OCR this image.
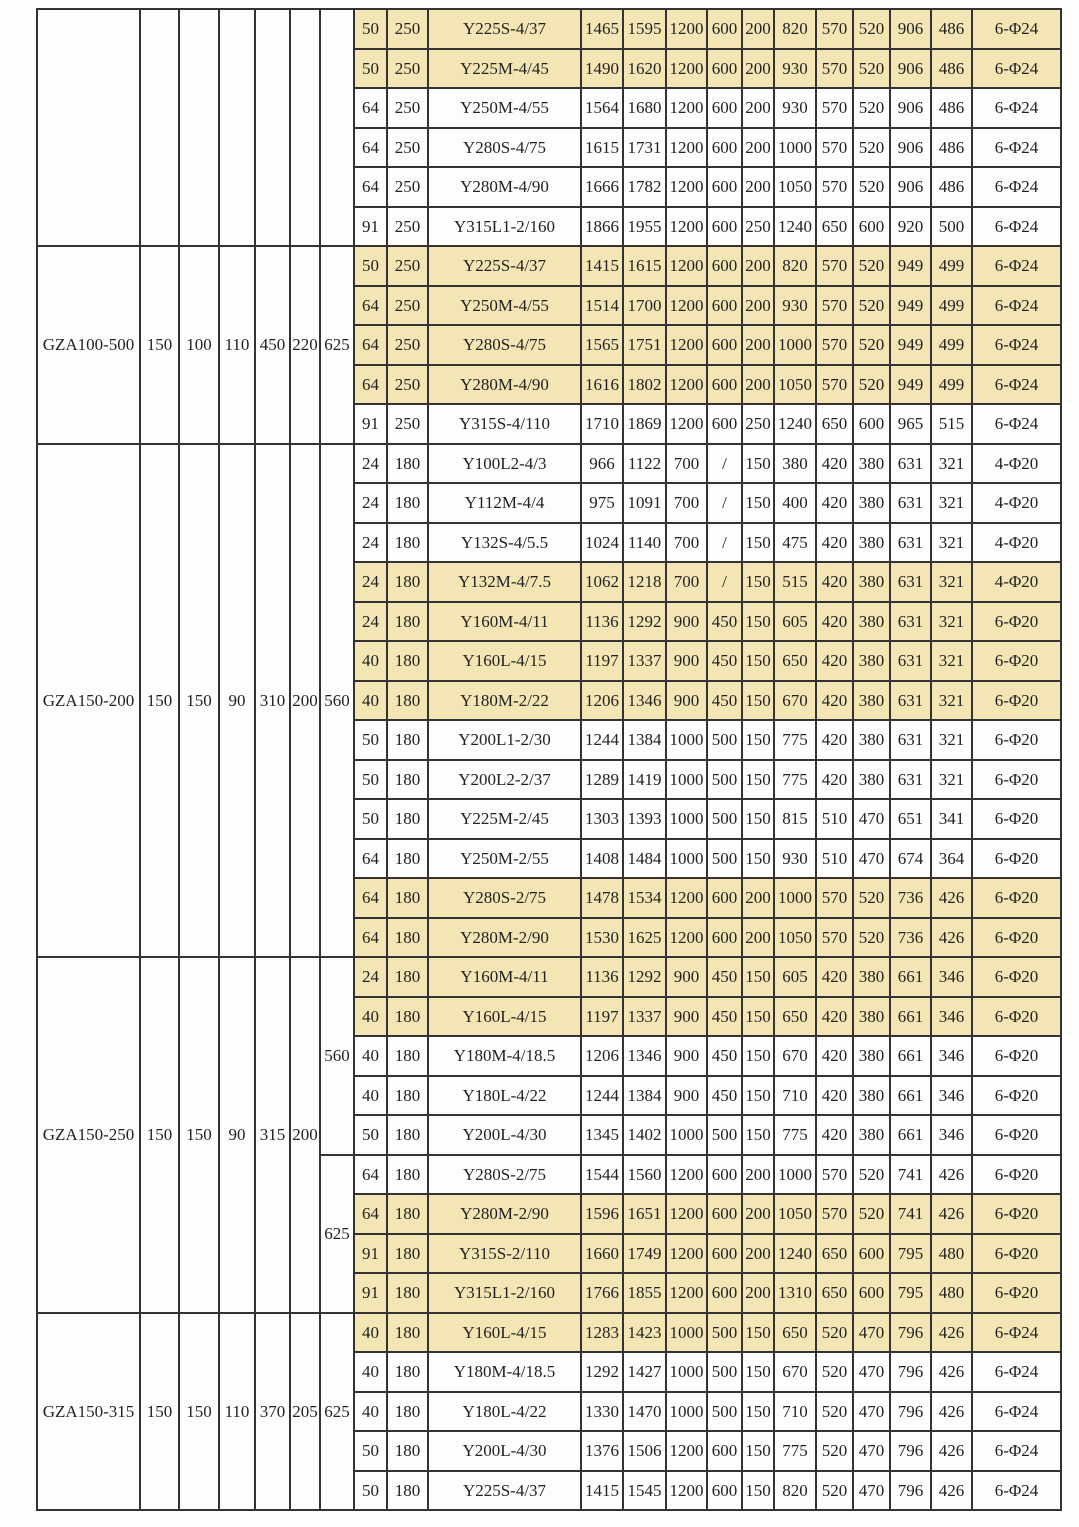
							50	250	Y225S-4/37	1465	1595	1200	600	200	820	570	520	906	486	6-Φ24
							50	250	Y225M-4/45	1490	1620	1200	600	200	930	570	520	906	486	6-Φ24
							64	250	Y250M-4/55	1564	1680	1200	600	200	930	570	520	906	486	6-Φ24
							64	250	Y280S-4/75	1615	1731	1200	600	200	1000	570	520	906	486	6-Φ24
							64	250	Y280M-4/90	1666	1782	1200	600	200	1050	570	520	906	486	6-Φ24
							91	250	Y315L1-2/160	1866	1955	1200	600	250	1240	650	600	920	500	6-Φ24
GZA100-500	150	100	110	450	220	625	50	250	Y225S-4/37	1415	1615	1200	600	200	820	570	520	949	499	6-Φ24
							64	250	Y250M-4/55	1514	1700	1200	600	200	930	570	520	949	499	6-Φ24
							64	250	Y280S-4/75	1565	1751	1200	600	200	1000	570	520	949	499	6-Φ24
							64	250	Y280M-4/90	1616	1802	1200	600	200	1050	570	520	949	499	6-Φ24
							91	250	Y315S-4/110	1710	1869	1200	600	250	1240	650	600	965	515	6-Φ24
GZA150-200	150	150	90	310	200	560	24	180	Y100L2-4/3	966	1122	700	/	150	380	420	380	631	321	4-Φ20
							24	180	Y112M-4/4	975	1091	700	/	150	400	420	380	631	321	4-Φ20
							24	180	Y132S-4/5.5	1024	1140	700	/	150	475	420	380	631	321	4-Φ20
							24	180	Y132M-4/7.5	1062	1218	700	/	150	515	420	380	631	321	4-Φ20
							24	180	Y160M-4/11	1136	1292	900	450	150	605	420	380	631	321	6-Φ20
							40	180	Y160L-4/15	1197	1337	900	450	150	650	420	380	631	321	6-Φ20
							40	180	Y180M-2/22	1206	1346	900	450	150	670	420	380	631	321	6-Φ20
							50	180	Y200L1-2/30	1244	1384	1000	500	150	775	420	380	631	321	6-Φ20
							50	180	Y200L2-2/37	1289	1419	1000	500	150	775	420	380	631	321	6-Φ20
							50	180	Y225M-2/45	1303	1393	1000	500	150	815	510	470	651	341	6-Φ20
							64	180	Y250M-2/55	1408	1484	1000	500	150	930	510	470	674	364	6-Φ20
							64	180	Y280S-2/75	1478	1534	1200	600	200	1000	570	520	736	426	6-Φ20
							64	180	Y280M-2/90	1530	1625	1200	600	200	1050	570	520	736	426	6-Φ20
GZA150-250	150	150	90	315	200	560	24	180	Y160M-4/11	1136	1292	900	450	150	605	420	380	661	346	6-Φ20
							40	180	Y160L-4/15	1197	1337	900	450	150	650	420	380	661	346	6-Φ20
							40	180	Y180M-4/18.5	1206	1346	900	450	150	670	420	380	661	346	6-Φ20
							40	180	Y180L-4/22	1244	1384	900	450	150	710	420	380	661	346	6-Φ20
							50	180	Y200L-4/30	1345	1402	1000	500	150	775	420	380	661	346	6-Φ20
						625	64	180	Y280S-2/75	1544	1560	1200	600	200	1000	570	520	741	426	6-Φ20
							64	180	Y280M-2/90	1596	1651	1200	600	200	1050	570	520	741	426	6-Φ20
							91	180	Y315S-2/110	1660	1749	1200	600	200	1240	650	600	795	480	6-Φ20
							91	180	Y315L1-2/160	1766	1855	1200	600	200	1310	650	600	795	480	6-Φ20
GZA150-315	150	150	110	370	205	625	40	180	Y160L-4/15	1283	1423	1000	500	150	650	520	470	796	426	6-Φ24
							40	180	Y180M-4/18.5	1292	1427	1000	500	150	670	520	470	796	426	6-Φ24
							40	180	Y180L-4/22	1330	1470	1000	500	150	710	520	470	796	426	6-Φ24
							50	180	Y200L-4/30	1376	1506	1200	600	150	775	520	470	796	426	6-Φ24
							50	180	Y225S-4/37	1415	1545	1200	600	150	820	520	470	796	426	6-Φ24
